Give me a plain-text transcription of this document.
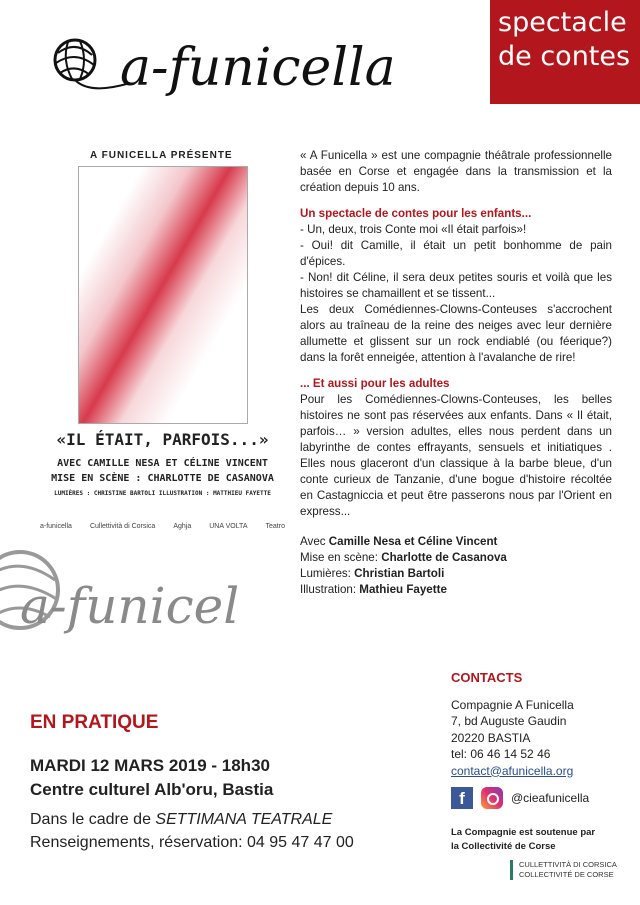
a-funicella
spectacle
de contes
a-funicel
A FUNICELLA PRÉSENTE
«IL ÉTAIT, PARFOIS...»
AVEC CAMILLE NESA ET CÉLINE VINCENT
MISE EN SCÈNE : CHARLOTTE DE CASANOVA
LUMIÈRES : CHRISTINE BARTOLI ILLUSTRATION : MATTHIEU FAYETTE
a-funicella	Cullettività di Corsica	Aghja	UNA VOLTA	Teatro

« A Funicella » est une compagnie théâtrale professionnelle basée en Corse et engagée dans la transmission et la création depuis 10 ans.

Un spectacle de contes pour les enfants...
- Un, deux, trois Conte moi «Il était parfois»!
- Oui! dit Camille, il était un petit bonhomme de pain d'épices.
- Non! dit Céline, il sera deux petites souris et voilà que les histoires se chamaillent et se tissent...

Les deux Comédiennes-Clowns-Conteuses s'accrochent alors au traîneau de la reine des neiges avec leur dernière allumette et glissent sur un rock endiablé (ou féerique?) dans la forêt enneigée, attention à l'avalanche de rire!

... Et aussi pour les adultes

Pour les Comédiennes-Clowns-Conteuses, les belles histoires ne sont pas réservées aux enfants. Dans « Il était, parfois… » version adultes, elles nous perdent dans un labyrinthe de contes effrayants, sensuels et initiatiques . Elles nous glaceront d'un classique à la barbe bleue, d'un conte curieux de Tanzanie, d'une bogue d'histoire récoltée en Castagniccia et peut être passerons nous par l'Orient en express...

Avec Camille Nesa et Céline Vincent
Mise en scène: Charlotte de Casanova
Lumières: Christian Bartoli
Illustration: Mathieu Fayette
EN PRATIQUE
MARDI 12 MARS 2019 - 18h30
Centre culturel Alb'oru, Bastia
Dans le cadre de SETTIMANA TEATRALE
Renseignements, réservation: 04 95 47 47 00
CONTACTS
Compagnie A Funicella
7, bd Auguste Gaudin
20220 BASTIA
tel: 06 46 14 52 46
contact@afunicella.org
f	@cieafunicella
La Compagnie est soutenue par
la Collectivité de Corse
CULLETTIVITÀ DI CORSICA
COLLECTIVITÉ DE CORSE
